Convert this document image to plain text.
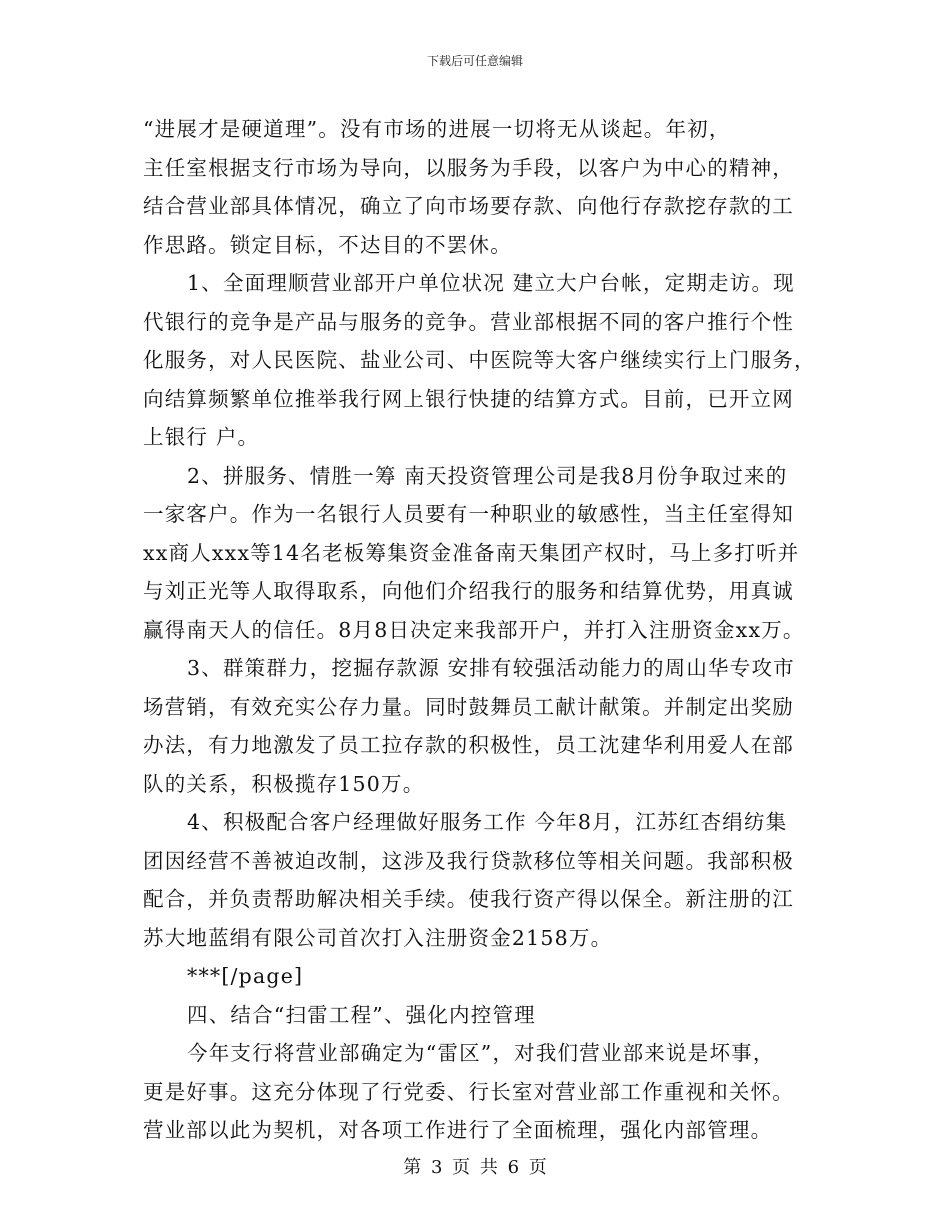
下载后可任意编辑
“进展才是硬道理”。没有市场的进展一切将无从谈起。年初，
主任室根据支行市场为导向，以服务为手段，以客户为中心的精神，
结合营业部具体情况，确立了向市场要存款、向他行存款挖存款的工
作思路。锁定目标，不达目的不罢休。
1、全面理顺营业部开户单位状况 建立大户台帐，定期走访。现
代银行的竞争是产品与服务的竞争。营业部根据不同的客户推行个性
化服务，对人民医院、盐业公司、中医院等大客户继续实行上门服务，
向结算频繁单位推举我行网上银行快捷的结算方式。目前，已开立网
上银行 户。
2、拼服务、情胜一筹 南天投资管理公司是我8月份争取过来的
一家客户。作为一名银行人员要有一种职业的敏感性，当主任室得知
xx商人xxx等14名老板筹集资金准备南天集团产权时，马上多打听并
与刘正光等人取得取系，向他们介绍我行的服务和结算优势，用真诚
赢得南天人的信任。8月8日决定来我部开户，并打入注册资金xx万。
3、群策群力，挖掘存款源 安排有较强活动能力的周山华专攻市
场营销，有效充实公存力量。同时鼓舞员工献计献策。并制定出奖励
办法，有力地激发了员工拉存款的积极性，员工沈建华利用爱人在部
队的关系，积极揽存150万。
4、积极配合客户经理做好服务工作 今年8月，江苏红杏绢纺集
团因经营不善被迫改制，这涉及我行贷款移位等相关问题。我部积极
配合，并负责帮助解决相关手续。使我行资产得以保全。新注册的江
苏大地蓝绢有限公司首次打入注册资金2158万。
***[/page]
四、结合“扫雷工程”、强化内控管理
今年支行将营业部确定为“雷区”，对我们营业部来说是坏事，
更是好事。这充分体现了行党委、行长室对营业部工作重视和关怀。
营业部以此为契机，对各项工作进行了全面梳理，强化内部管理。
第 3 页 共 6 页
